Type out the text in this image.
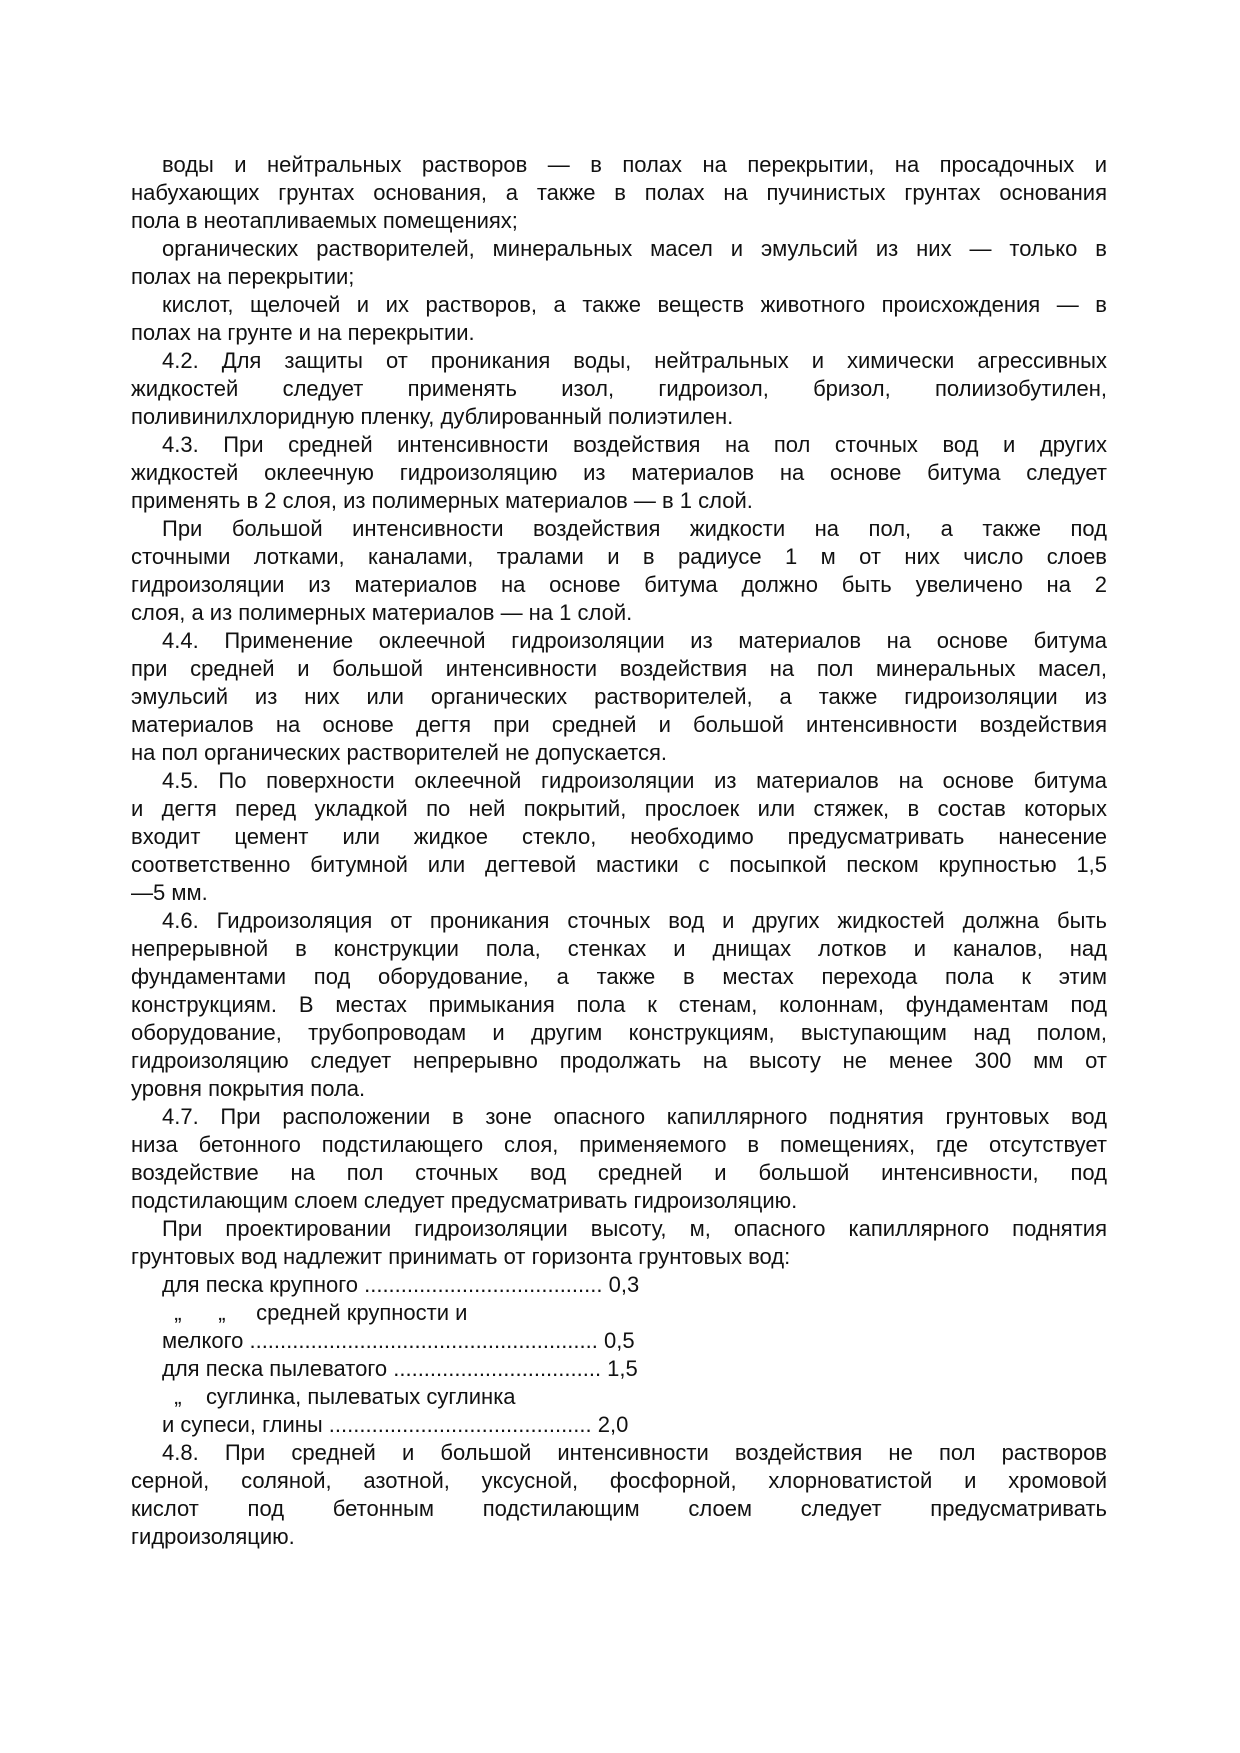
воды и нейтральных растворов — в полах на перекрытии, на просадочных и
набухающих грунтах основания, а также в полах на пучинистых грунтах основания
пола в неотапливаемых помещениях;
органических растворителей, минеральных масел и эмульсий из них — только в
полах на перекрытии;
кислот, щелочей и их растворов, а также веществ животного происхождения — в
полах на грунте и на перекрытии.
4.2. Для защиты от проникания воды, нейтральных и химически агрессивных
жидкостей следует применять изол, гидроизол, бризол, полиизобутилен,
поливинилхлоридную пленку, дублированный полиэтилен.
4.3. При средней интенсивности воздействия на пол сточных вод и других
жидкостей оклеечную гидроизоляцию из материалов на основе битума следует
применять в 2 слоя, из полимерных материалов — в 1 слой.
При большой интенсивности воздействия жидкости на пол, а также под
сточными лотками, каналами, тралами и в радиусе 1 м от них число слоев
гидроизоляции из материалов на основе битума должно быть увеличено на 2
слоя, а из полимерных материалов — на 1 слой.
4.4. Применение оклеечной гидроизоляции из материалов на основе битума
при средней и большой интенсивности воздействия на пол минеральных масел,
эмульсий из них или органических растворителей, а также гидроизоляции из
материалов на основе дегтя при средней и большой интенсивности воздействия
на пол органических растворителей не допускается.
4.5. По поверхности оклеечной гидроизоляции из материалов на основе битума
и дегтя перед укладкой по ней покрытий, прослоек или стяжек, в состав которых
входит цемент или жидкое стекло, необходимо предусматривать нанесение
соответственно битумной или дегтевой мастики с посыпкой песком крупностью 1,5
—5 мм.
4.6. Гидроизоляция от проникания сточных вод и других жидкостей должна быть
непрерывной в конструкции пола, стенках и днищах лотков и каналов, над
фундаментами под оборудование, а также в местах перехода пола к этим
конструкциям. В местах примыкания пола к стенам, колоннам, фундаментам под
оборудование, трубопроводам и другим конструкциям, выступающим над полом,
гидроизоляцию следует непрерывно продолжать на высоту не менее 300 мм от
уровня покрытия пола.
4.7. При расположении в зоне опасного капиллярного поднятия грунтовых вод
низа бетонного подстилающего слоя, применяемого в помещениях, где отсутствует
воздействие на пол сточных вод средней и большой интенсивности, под
подстилающим слоем следует предусматривать гидроизоляцию.
При проектировании гидроизоляции высоту, м, опасного капиллярного поднятия
грунтовых вод надлежит принимать от горизонта грунтовых вод:
для песка крупного ....................................... 0,3
„      „     средней крупности и
мелкого ......................................................... 0,5
для песка пылеватого .................................. 1,5
„    суглинка, пылеватых суглинка
и супеси, глины ........................................... 2,0
4.8. При средней и большой интенсивности воздействия не пол растворов
серной, соляной, азотной, уксусной, фосфорной, хлорноватистой и хромовой
кислот под бетонным подстилающим слоем следует предусматривать
гидроизоляцию.
